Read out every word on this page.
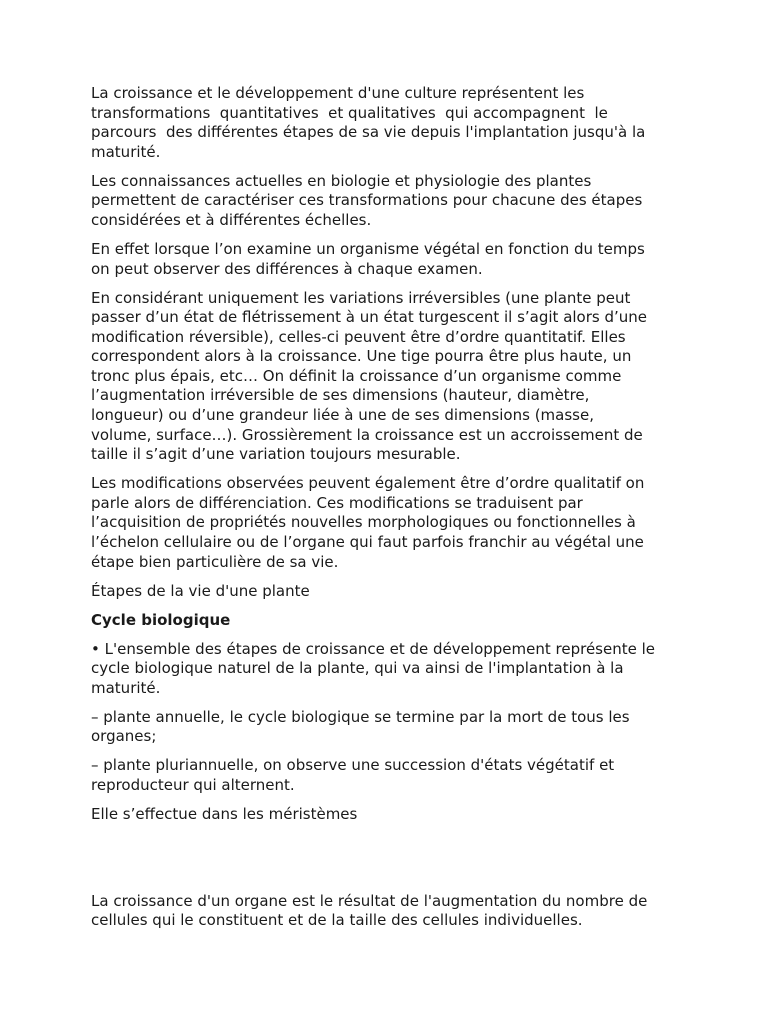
La croissance et le développement d'une culture représentent les
transformations  quantitatives  et qualitatives  qui accompagnent  le
parcours  des différentes étapes de sa vie depuis l'implantation jusqu'à la
maturité.

Les connaissances actuelles en biologie et physiologie des plantes
permettent de caractériser ces transformations pour chacune des étapes
considérées et à différentes échelles.

En effet lorsque l’on examine un organisme végétal en fonction du temps
on peut observer des différences à chaque examen.

En considérant uniquement les variations irréversibles (une plante peut
passer d’un état de flétrissement à un état turgescent il s’agit alors d’une
modification réversible), celles-ci peuvent être d’ordre quantitatif. Elles
correspondent alors à la croissance. Une tige pourra être plus haute, un
tronc plus épais, etc… On définit la croissance d’un organisme comme
l’augmentation irréversible de ses dimensions (hauteur, diamètre,
longueur) ou d’une grandeur liée à une de ses dimensions (masse,
volume, surface…). Grossièrement la croissance est un accroissement de
taille il s’agit d’une variation toujours mesurable.

Les modifications observées peuvent également être d’ordre qualitatif on
parle alors de différenciation. Ces modifications se traduisent par
l’acquisition de propriétés nouvelles morphologiques ou fonctionnelles à
l’échelon cellulaire ou de l’organe qui faut parfois franchir au végétal une
étape bien particulière de sa vie.

Étapes de la vie d'une plante

Cycle biologique

• L'ensemble des étapes de croissance et de développement représente le
cycle biologique naturel de la plante, qui va ainsi de l'implantation à la
maturité.

– plante annuelle, le cycle biologique se termine par la mort de tous les
organes;

– plante pluriannuelle, on observe une succession d'états végétatif et
reproducteur qui alternent.

Elle s’effectue dans les méristèmes

La croissance d'un organe est le résultat de l'augmentation du nombre de
cellules qui le constituent et de la taille des cellules individuelles.
